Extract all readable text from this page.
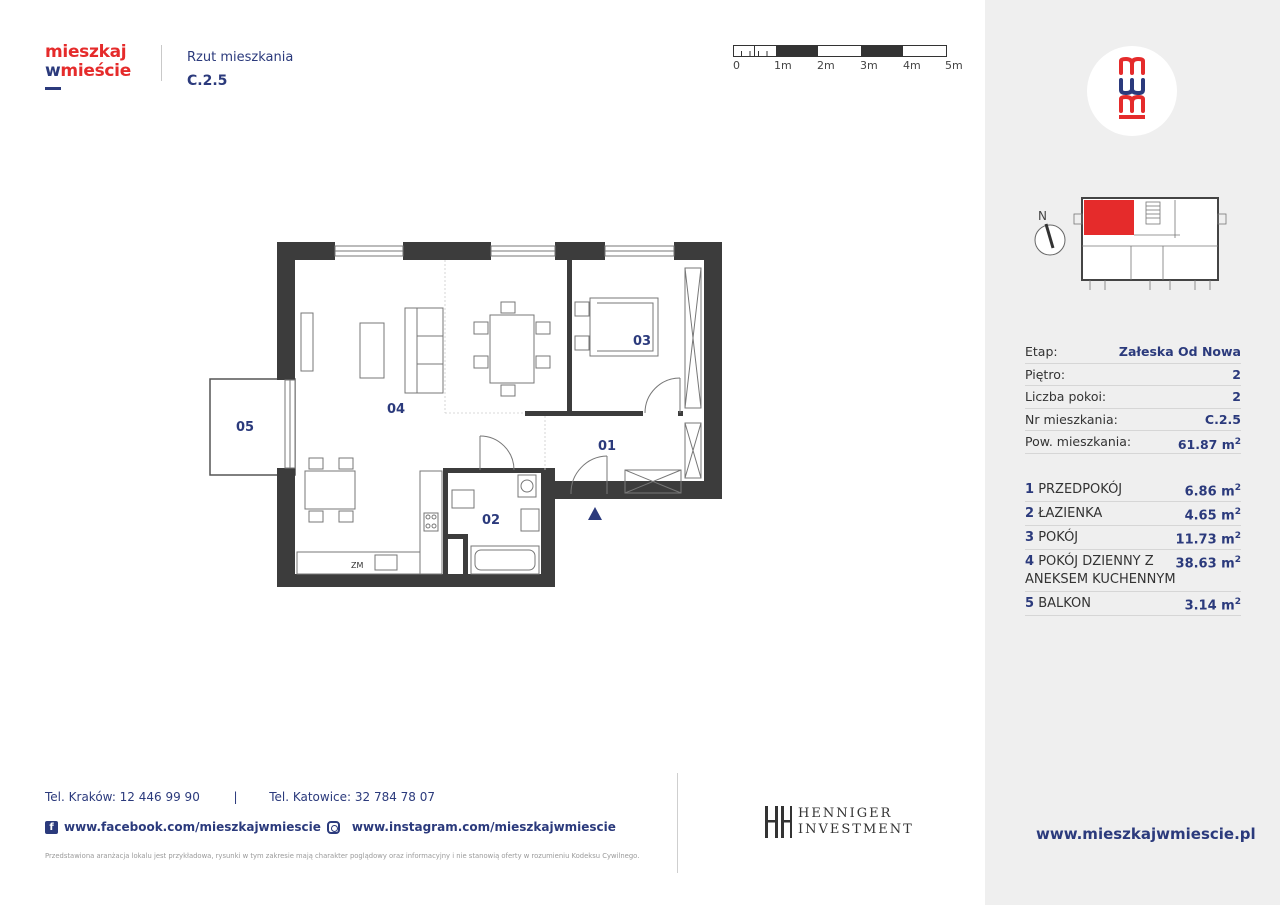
mieszkaj
wmieście
Rzut mieszkania
C.2.5
0	1m 2m 3m 4m 5m
ZM
01
02
03
04
05
Tel. Kraków: 12 446 99 90	|	Tel. Katowice: 32 784 78 07
f www.facebook.com/mieszkajwmiescie	www.instagram.com/mieszkajwmiescie
Przedstawiona aranżacja lokalu jest przykładowa, rysunki w tym zakresie mają charakter poglądowy oraz informacyjny i nie stanowią oferty w rozumieniu Kodeksu Cywilnego.
HENNIGER
INVESTMENT
N
Etap:	Załeska Od Nowa
Piętro:	2
Liczba pokoi:	2
Nr mieszkania:	C.2.5
Pow. mieszkania:	61.87 $m^2$
1 PRZEDPOKÓJ	6.86 $m^2$
2 ŁAZIENKA	4.65 $m^2$
3 POKÓJ	11.73 $m^2$
4 POKÓJ DZIENNY Z
ANEKSEM KUCHENNYM
38.63 $m^2$
5 BALKON	3.14 $m^2$
www.mieszkajwmiescie.pl
